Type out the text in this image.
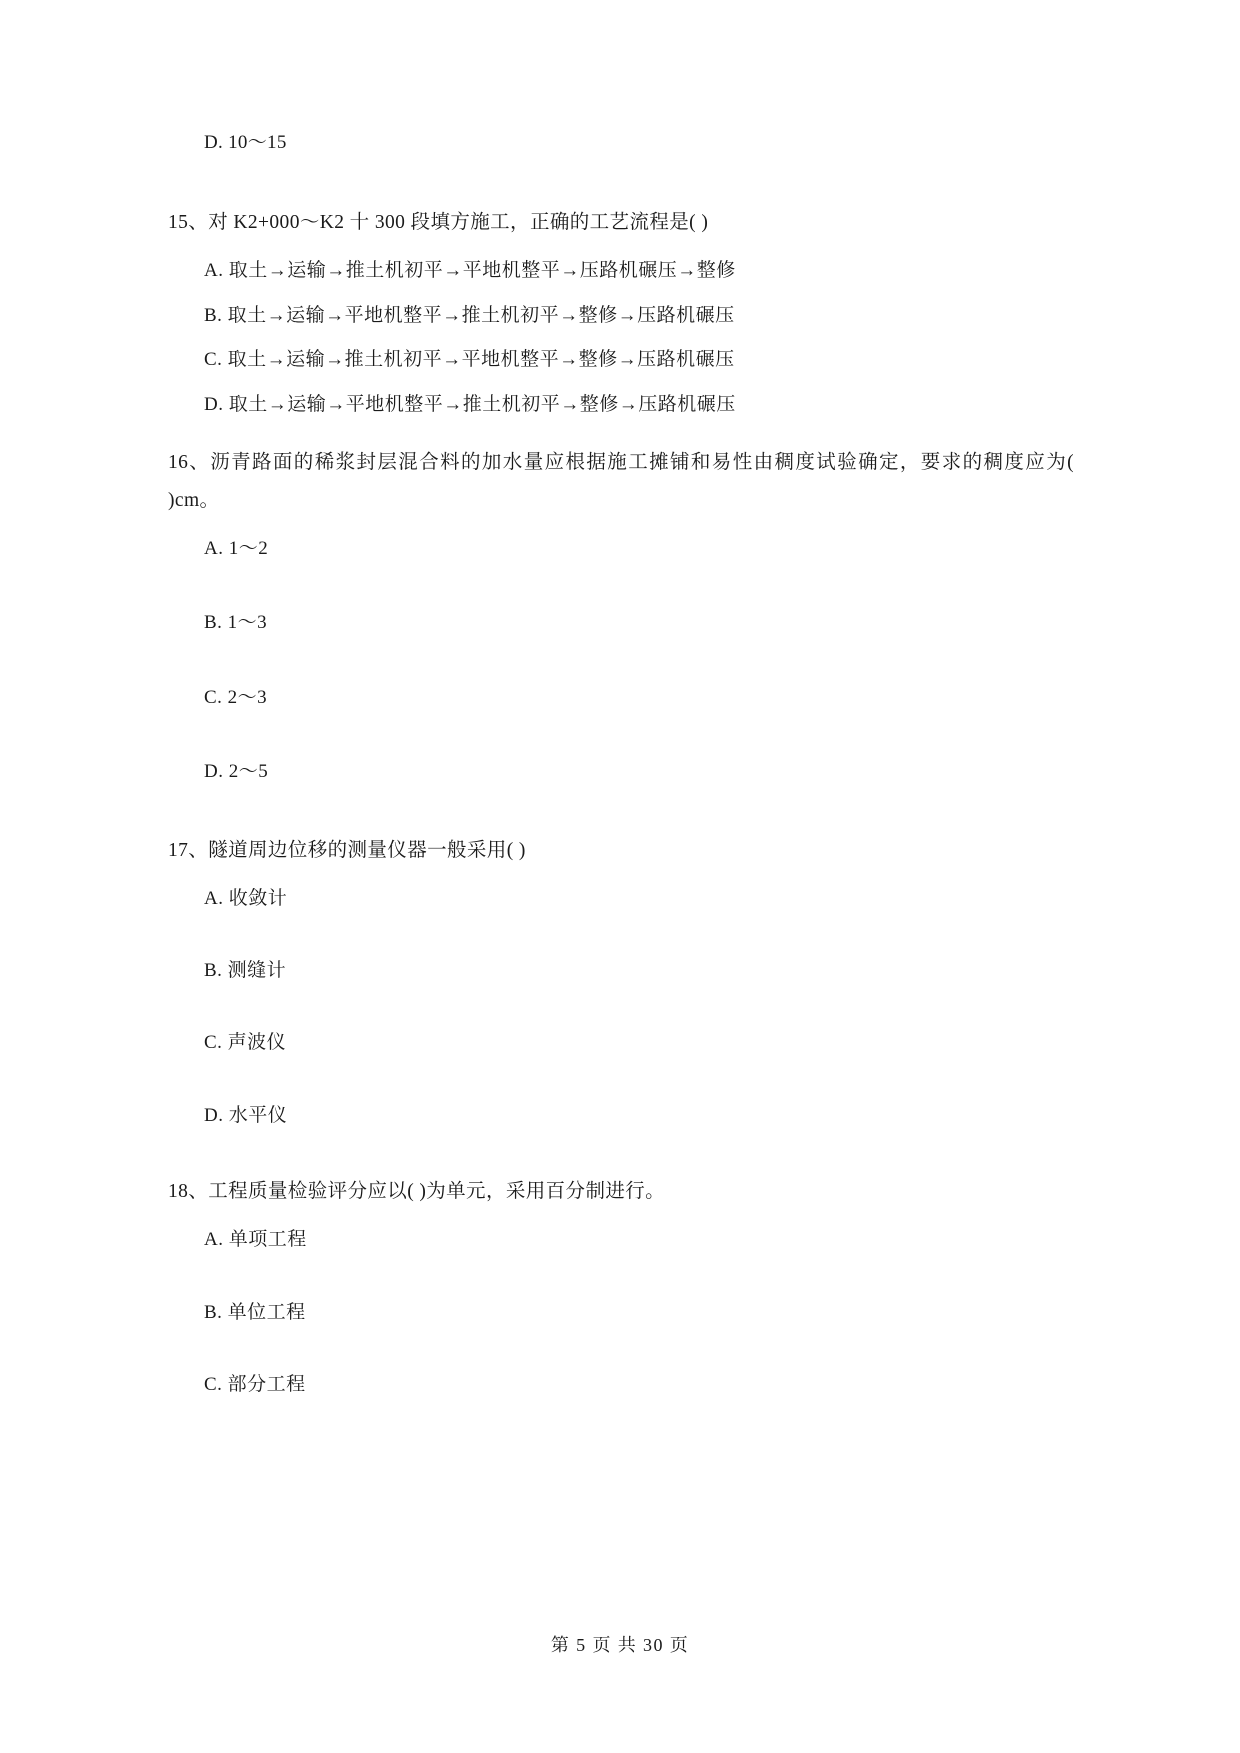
D. 10～15

15、对 K2+000～K2 十 300 段填方施工，正确的工艺流程是( )

A. 取土→运输→推土机初平→平地机整平→压路机碾压→整修

B. 取土→运输→平地机整平→推土机初平→整修→压路机碾压

C. 取土→运输→推土机初平→平地机整平→整修→压路机碾压

D. 取土→运输→平地机整平→推土机初平→整修→压路机碾压

16、沥青路面的稀浆封层混合料的加水量应根据施工摊铺和易性由稠度试验确定，要求的稠度应为( )cm。

A. 1～2

B. 1～3

C. 2～3

D. 2～5

17、隧道周边位移的测量仪器一般采用( )

A. 收敛计

B. 测缝计

C. 声波仪

D. 水平仪

18、工程质量检验评分应以( )为单元，采用百分制进行。

A. 单项工程

B. 单位工程

C. 部分工程

第 5 页 共 30 页
